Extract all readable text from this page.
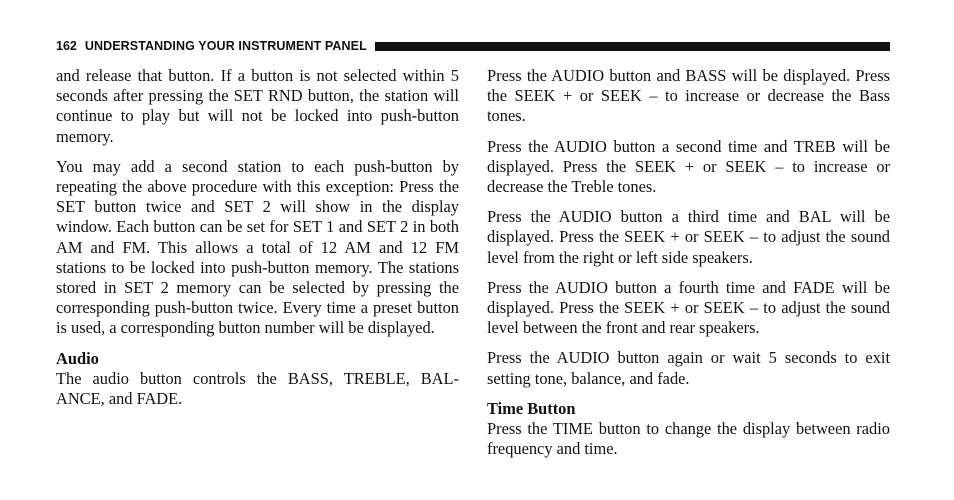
162 UNDERSTANDING YOUR INSTRUMENT PANEL

and release that button. If a button is not selected within 5 seconds after pressing the SET RND button, the station will continue to play but will not be locked into push-button memory.

You may add a second station to each push-button by repeating the above procedure with this exception: Press the SET button twice and SET 2 will show in the display window. Each button can be set for SET 1 and SET 2 in both AM and FM. This allows a total of 12 AM and 12 FM stations to be locked into push-button memory. The stations stored in SET 2 memory can be selected by pressing the corresponding push-button twice. Every time a preset button is used, a corresponding button number will be displayed.

Audio

The audio button controls the BASS, TREBLE, BAL-ANCE, and FADE.

Press the AUDIO button and BASS will be displayed. Press the SEEK + or SEEK – to increase or decrease the Bass tones.

Press the AUDIO button a second time and TREB will be displayed. Press the SEEK + or SEEK – to increase or decrease the Treble tones.

Press the AUDIO button a third time and BAL will be displayed. Press the SEEK + or SEEK – to adjust the sound level from the right or left side speakers.

Press the AUDIO button a fourth time and FADE will be displayed. Press the SEEK + or SEEK – to adjust the sound level between the front and rear speakers.

Press the AUDIO button again or wait 5 seconds to exit setting tone, balance, and fade.

Time Button

Press the TIME button to change the display between radio frequency and time.
